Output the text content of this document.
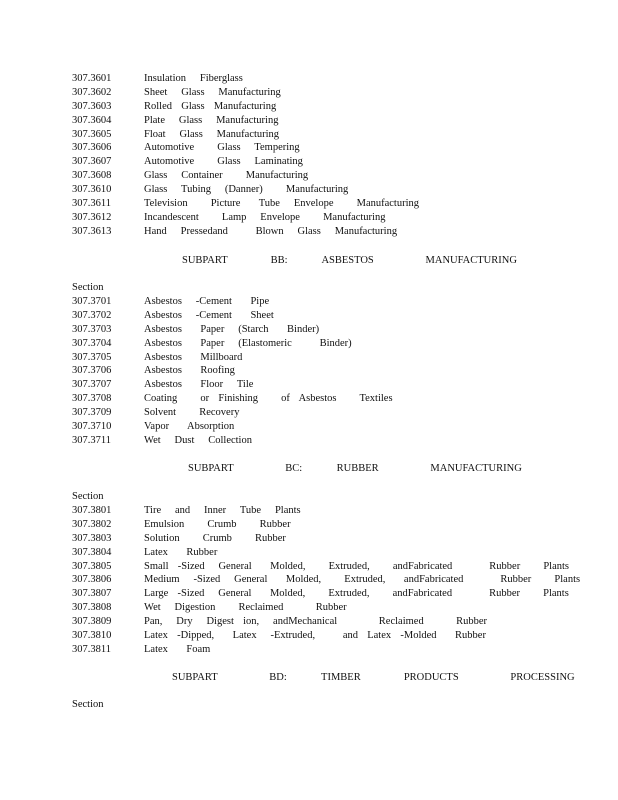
307.3601	Insulation   Fiberglass
307.3602	Sheet   Glass   Manufacturing
307.3603	Rolled  Glass  Manufacturing
307.3604	Plate   Glass   Manufacturing
307.3605	Float   Glass   Manufacturing
307.3606	Automotive     Glass   Tempering
307.3607	Automotive     Glass   Laminating
307.3608	Glass   Container     Manufacturing
307.3610	Glass   Tubing   (Danner)     Manufacturing
307.3611	Television     Picture    Tube   Envelope     Manufacturing
307.3612	Incandescent     Lamp   Envelope     Manufacturing
307.3613	Hand   Pressedand      Blown   Glass   Manufacturing
SUBPART     BB:    ASBESTOS      MANUFACTURING
Section
307.3701	Asbestos   -Cement    Pipe
307.3702	Asbestos   -Cement    Sheet
307.3703	Asbestos    Paper   (Starch    Binder)
307.3704	Asbestos    Paper   (Elastomeric      Binder)
307.3705	Asbestos    Millboard
307.3706	Asbestos    Roofing
307.3707	Asbestos    Floor   Tile
307.3708	Coating     or  Finishing     of  Asbestos     Textiles
307.3709	Solvent     Recovery
307.3710	Vapor    Absorption
307.3711	Wet   Dust   Collection
SUBPART      BC:    RUBBER      MANUFACTURING
Section
307.3801	Tire   and   Inner   Tube   Plants
307.3802	Emulsion     Crumb     Rubber
307.3803	Solution     Crumb     Rubber
307.3804	Latex    Rubber
307.3805	Small  -Sized   General    Molded,     Extruded,     andFabricated        Rubber     Plants
307.3806	Medium   -Sized   General    Molded,     Extruded,    andFabricated        Rubber     Plants
307.3807	Large  -Sized   General    Molded,     Extruded,     andFabricated        Rubber     Plants
307.3808	Wet   Digestion     Reclaimed       Rubber
307.3809	Pan,   Dry   Digest  ion,   andMechanical         Reclaimed       Rubber
307.3810	Latex  -Dipped,    Latex   -Extruded,      and  Latex  -Molded    Rubber
307.3811	Latex    Foam
SUBPART      BD:    TIMBER     PRODUCTS      PROCESSING
Section
